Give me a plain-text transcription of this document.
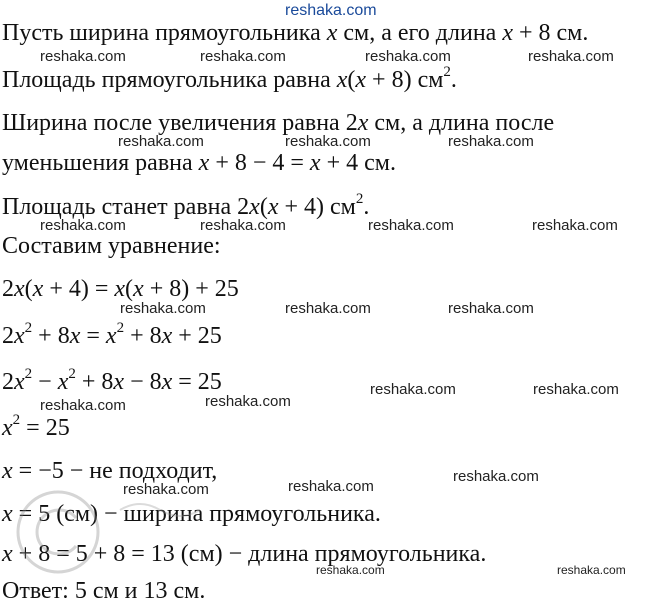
reshaka.com
Пусть ширина прямоугольника x см, а его длина x + 8 см.
reshaka.com	reshaka.com	reshaka.com	reshaka.com
Площадь прямоугольника равна x(x + 8) $см^2$.
Ширина после увеличения равна 2x см, а длина после
reshaka.com	reshaka.com	reshaka.com
уменьшения равна x + 8 − 4 = x + 4 см.
Площадь станет равна 2x(x + 4) $см^2$.
reshaka.com	reshaka.com	reshaka.com	reshaka.com
Составим уравнение:
2x(x + 4) = x(x + 8) + 25
reshaka.com	reshaka.com	reshaka.com
$2x^2 + 8x = x^2 + 8x + 25$
$2x^2 - x^2 + 8x - 8x = 25$	reshaka.com	reshaka.com
reshaka.com	reshaka.com
$x^2 = 25$
x = −5 − не подходит,	reshaka.com
reshaka.com
reshaka.com
x = 5 (см) − ширина прямоугольника.
x + 8 = 5 + 8 = 13 (см) − длина прямоугольника.
reshaka.com	reshaka.com
Ответ: 5 см и 13 см.
